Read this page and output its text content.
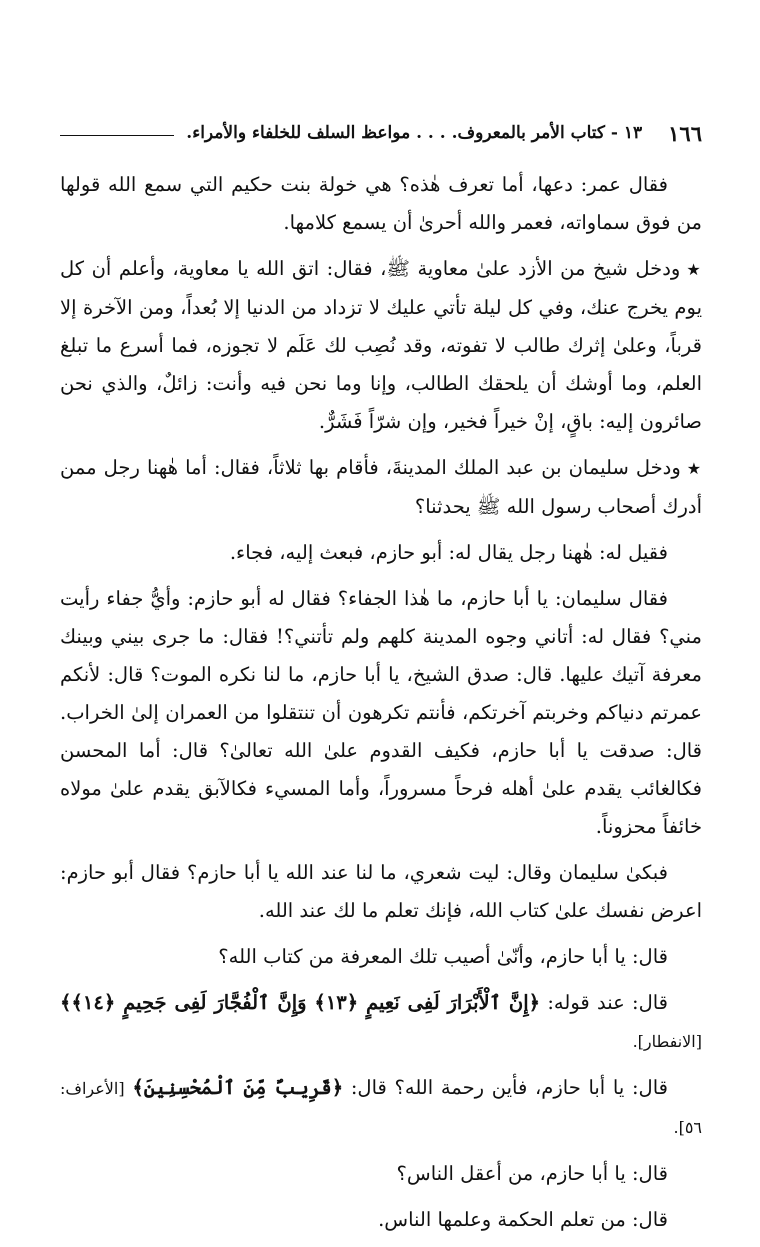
١٦٦
١٣ - كتاب الأمر بالمعروف. . . . مواعظ السلف للخلفاء والأمراء.

فقال عمر: دعها، أما تعرف هٰذه؟ هي خولة بنت حكيم التي سمع الله قولها من فوق سماواته، فعمر والله أحرىٰ أن يسمع كلامها.

★ودخل شيخ من الأزد علىٰ معاوية ﷺ، فقال: اتق الله يا معاوية، وأعلم أن كل يوم يخرج عنك، وفي كل ليلة تأتي عليك لا تزداد من الدنيا إلا بُعداً، ومن الآخرة إلا قرباً، وعلىٰ إثرك طالب لا تفوته، وقد نُصِب لك عَلَم لا تجوزه، فما أسرع ما تبلغ العلم، وما أوشك أن يلحقك الطالب، وإنا وما نحن فيه وأنت: زائلٌ، والذي نحن صائرون إليه: باقٍ، إنْ خيراً فخير، وإن شرّاً فَشَرٌّ.

★ودخل سليمان بن عبد الملك المدينةَ، فأقام بها ثلاثاً، فقال: أما هٰهنا رجل ممن أدرك أصحاب رسول الله ﷺ يحدثنا؟

فقيل له: هٰهنا رجل يقال له: أبو حازم، فبعث إليه، فجاء.

فقال سليمان: يا أبا حازم، ما هٰذا الجفاء؟ فقال له أبو حازم: وأيُّ جفاء رأيت مني؟ فقال له: أتاني وجوه المدينة كلهم ولم تأتني؟! فقال: ما جرى بيني وبينك معرفة آتيك عليها. قال: صدق الشيخ، يا أبا حازم، ما لنا نكره الموت؟ قال: لأنكم عمرتم دنياكم وخربتم آخرتكم، فأنتم تكرهون أن تنتقلوا من العمران إلىٰ الخراب. قال: صدقت يا أبا حازم، فكيف القدوم علىٰ الله تعالىٰ؟ قال: أما المحسن فكالغائب يقدم علىٰ أهله فرحاً مسروراً، وأما المسيء فكالآبق يقدم علىٰ مولاه خائفاً محزوناً.

فبكىٰ سليمان وقال: ليت شعري، ما لنا عند الله يا أبا حازم؟ فقال أبو حازم: اعرض نفسك علىٰ كتاب الله، فإنك تعلم ما لك عند الله.

قال: يا أبا حازم، وأنّىٰ أصيب تلك المعرفة من كتاب الله؟

قال: عند قوله: ﴿إِنَّ ٱلْأَبْرَارَ لَفِى نَعِيمٍ ﴿١٣﴾ وَإِنَّ ٱلْفُجَّارَ لَفِى جَحِيمٍ ﴿١٤﴾﴾ [الانفطار].

قال: يا أبا حازم، فأين رحمة الله؟ قال: ﴿قَرِيبٌ مِّنَ ٱلْمُحْسِنِينَ﴾ [الأعراف: ٥٦].

قال: يا أبا حازم، من أعقل الناس؟

قال: من تعلم الحكمة وعلمها الناس.
